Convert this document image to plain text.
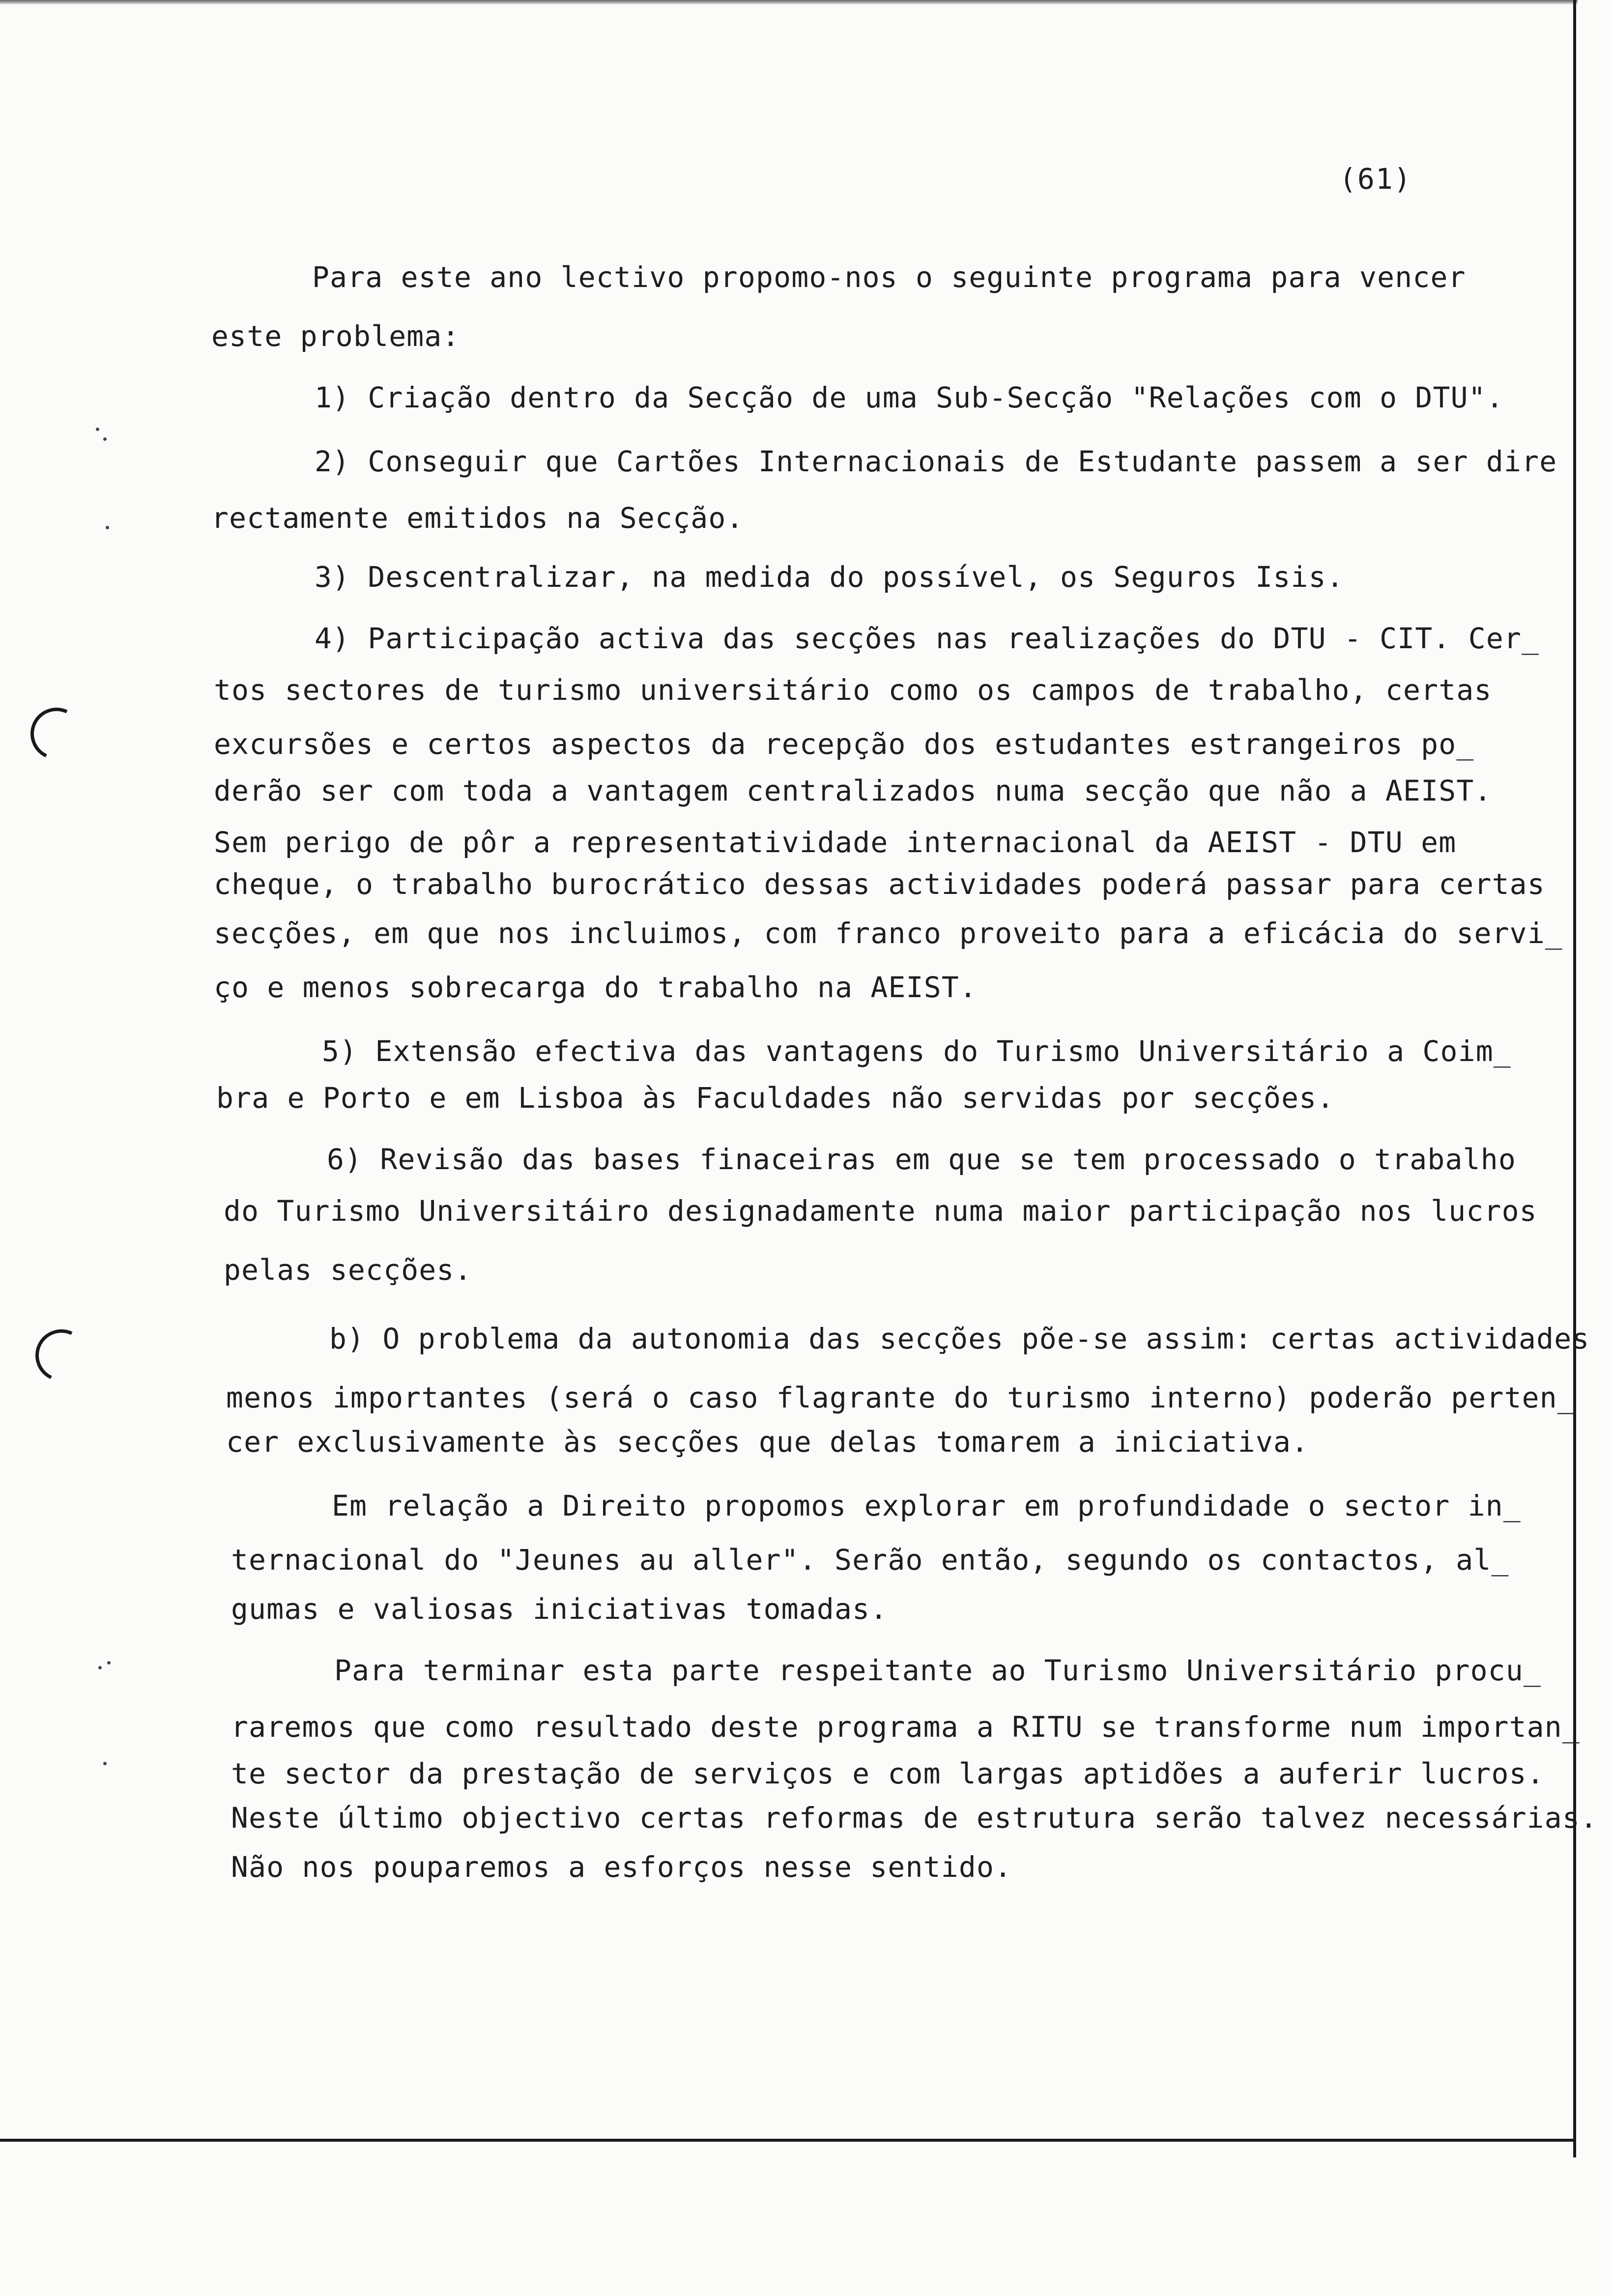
(61)
Para este ano lectivo propomo-nos o seguinte programa para vencer
este problema:
1) Criação dentro da Secção de uma Sub-Secção "Relações com o DTU".
2) Conseguir que Cartões Internacionais de Estudante passem a ser dire
rectamente emitidos na Secção.
3) Descentralizar, na medida do possível, os Seguros Isis.
4) Participação activa das secções nas realizações do DTU - CIT. Cer_
tos sectores de turismo universitário como os campos de trabalho, certas
excursões e certos aspectos da recepção dos estudantes estrangeiros po_
derão ser com toda a vantagem centralizados numa secção que não a AEIST.
Sem perigo de pôr a representatividade internacional da AEIST - DTU em
cheque, o trabalho burocrático dessas actividades poderá passar para certas
secções, em que nos incluimos, com franco proveito para a eficácia do servi_
ço e menos sobrecarga do trabalho na AEIST.
5) Extensão efectiva das vantagens do Turismo Universitário a Coim_
bra e Porto e em Lisboa às Faculdades não servidas por secções.
6) Revisão das bases finaceiras em que se tem processado o trabalho
do Turismo Universitáiro designadamente numa maior participação nos lucros
pelas secções.
b) O problema da autonomia das secções põe-se assim: certas actividades
menos importantes (será o caso flagrante do turismo interno) poderão perten_
cer exclusivamente às secções que delas tomarem a iniciativa.
Em relação a Direito propomos explorar em profundidade o sector in_
ternacional do "Jeunes au aller". Serão então, segundo os contactos, al_
gumas e valiosas iniciativas tomadas.
Para terminar esta parte respeitante ao Turismo Universitário procu_
raremos que como resultado deste programa a RITU se transforme num importan_
te sector da prestação de serviços e com largas aptidões a auferir lucros.
Neste último objectivo certas reformas de estrutura serão talvez necessárias.
Não nos pouparemos a esforços nesse sentido.
